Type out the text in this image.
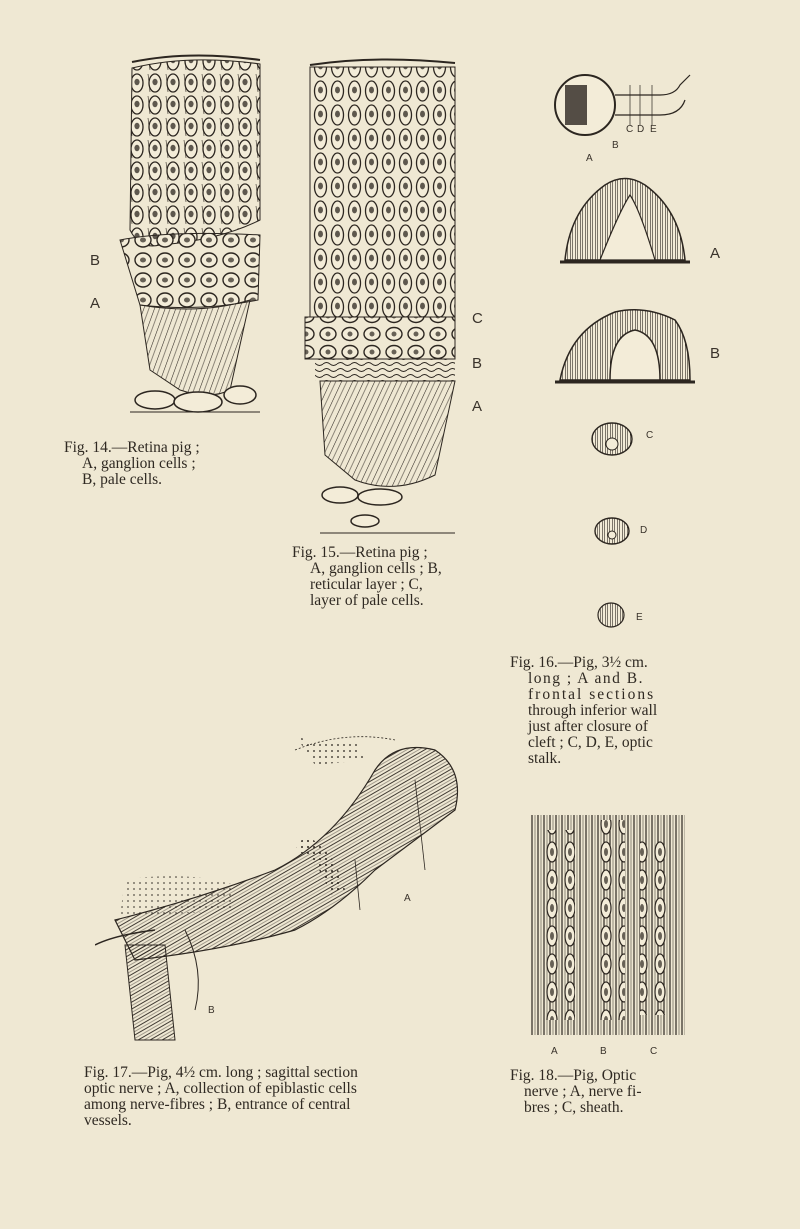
B
A
Fig. 14.—Retina pig ;
A, ganglion cells ;
B, pale cells.
C
B
A
Fig. 15.—Retina pig ;
A, ganglion cells ; B,
reticular layer ; C,
layer of pale cells.
A
B
C D E
A
B
C
D
E
Fig. 16.—Pig, 3½ cm.
long ; A and B.
frontal sections
through inferior wall
just after closure of
cleft ; C, D, E, optic
stalk.
A
B
Fig. 17.—Pig, 4½ cm. long ; sagittal section
optic nerve ; A, collection of epiblastic cells
among nerve-fibres ; B, entrance of central
vessels.
A	B	C
Fig. 18.—Pig, Optic
nerve ; A, nerve fi-
bres ; C, sheath.
